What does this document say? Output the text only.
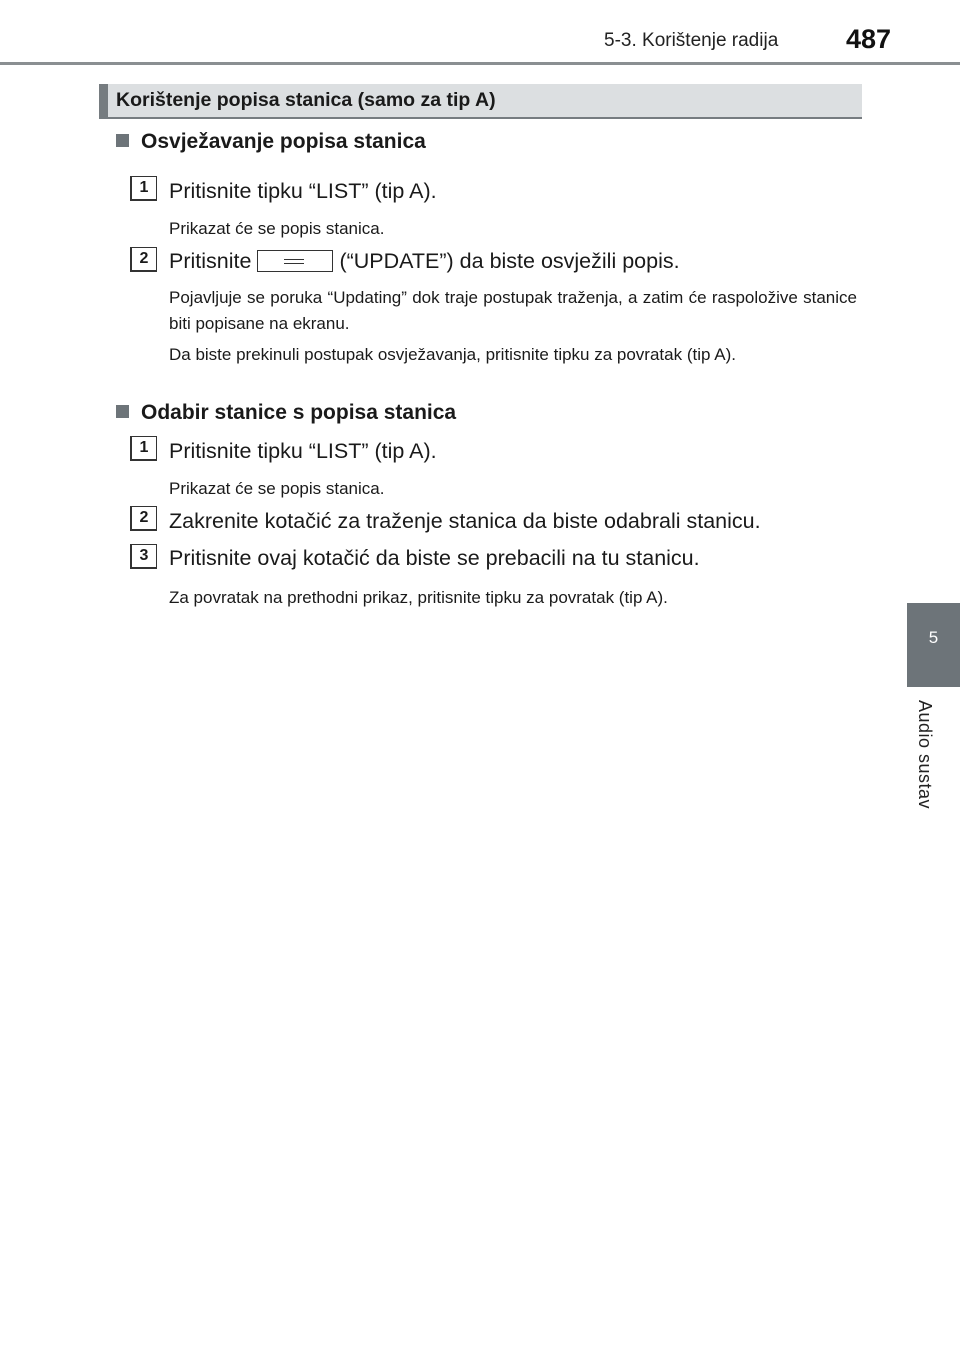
5-3. Korištenje radija	487
5
Audio sustav
Korištenje popisa stanica (samo za tip A)
Osvježavanje popisa stanica
1 Pritisnite tipku “LIST” (tip A).
Prikazat će se popis stanica.
2 Pritisnite	(“UPDATE”) da biste osvježili popis.
Pojavljuje se poruka “Updating” dok traje postupak traženja, a zatim će raspoložive stanice biti popisane na ekranu.
Da biste prekinuli postupak osvježavanja, pritisnite tipku za povratak (tip A).
Odabir stanice s popisa stanica
1 Pritisnite tipku “LIST” (tip A).
Prikazat će se popis stanica.
2 Zakrenite kotačić za traženje stanica da biste odabrali stanicu.
3 Pritisnite ovaj kotačić da biste se prebacili na tu stanicu.
Za povratak na prethodni prikaz, pritisnite tipku za povratak (tip A).
